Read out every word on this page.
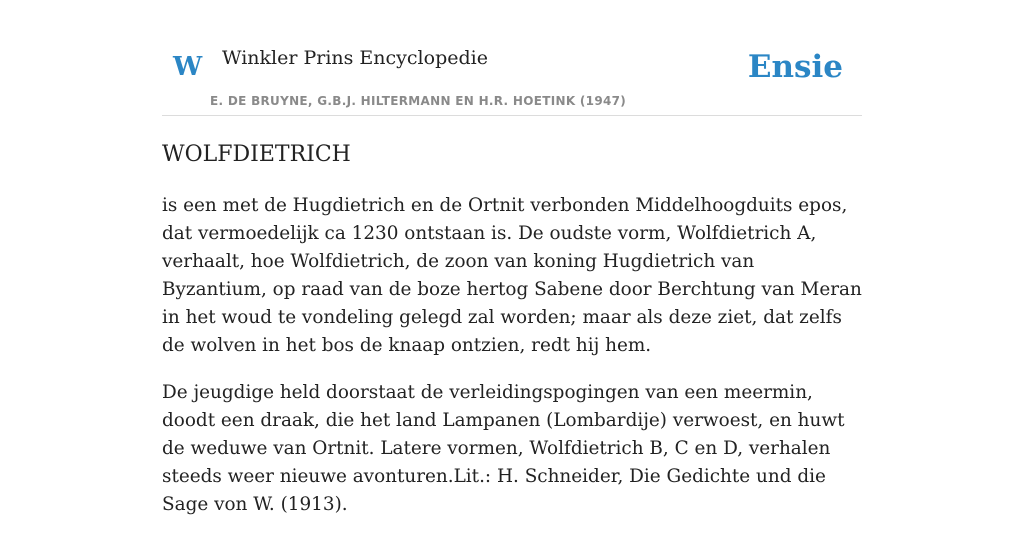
W Winkler Prins Encyclopedie
E. DE BRUYNE, G.B.J. HILTERMANN EN H.R. HOETINK (1947)
Ensie
WOLFDIETRICH

is een met de Hugdietrich en de Ortnit verbonden Middelhoogduits epos, dat vermoedelijk ca 1230 ontstaan is. De oudste vorm, Wolfdietrich A, verhaalt, hoe Wolfdietrich, de zoon van koning Hugdietrich van Byzantium, op raad van de boze hertog Sabene door Berchtung van Meran in het woud te vondeling gelegd zal worden; maar als deze ziet, dat zelfs de wolven in het bos de knaap ontzien, redt hij hem.

De jeugdige held doorstaat de verleidingspogingen van een meermin, doodt een draak, die het land Lampanen (Lombardije) verwoest, en huwt de weduwe van Ortnit. Latere vormen, Wolfdietrich B, C en D, verhalen steeds weer nieuwe avonturen.Lit.: H. Schneider, Die Gedichte und die Sage von W. (1913).
